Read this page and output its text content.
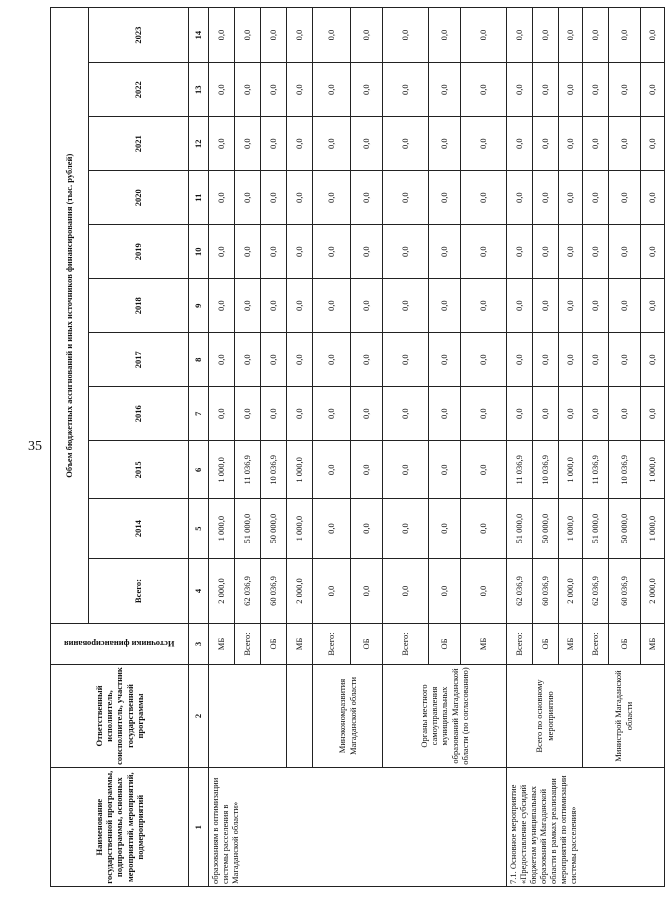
35
Наименование государственной программы, подпрограммы, основных мероприятий, мероприятий, подмероприятий	Ответственный исполнитель, соисполнитель, участник государственной программы	Источники финансирования	Объем бюджетных ассигнований и иных источников финансирования (тыс. рублей)										
			Всего:	2014	2015	2016	2017	2018	2019	2020	2021	2022	2023
1	2	3	4	5	6	7	8	9	10	11	12	13	14
образованиям в оптимизации системы расселения в Магаданской области»		МБ	2 000,0	1 000,0	1 000,0	0,0	0,0	0,0	0,0	0,0	0,0	0,0	0,0
		Всего:	62 036,9	51 000,0	11 036,9	0,0	0,0	0,0	0,0	0,0	0,0	0,0	0,0
		ОБ	60 036,9	50 000,0	10 036,9	0,0	0,0	0,0	0,0	0,0	0,0	0,0	0,0
		МБ	2 000,0	1 000,0	1 000,0	0,0	0,0	0,0	0,0	0,0	0,0	0,0	0,0
	Минэкономразвития Магаданской области	Всего:	0,0	0,0	0,0	0,0	0,0	0,0	0,0	0,0	0,0	0,0	0,0
		ОБ	0,0	0,0	0,0	0,0	0,0	0,0	0,0	0,0	0,0	0,0	0,0
	Органы местного самоуправления муниципальных образований Магаданской области (по согласованию)	Всего:	0,0	0,0	0,0	0,0	0,0	0,0	0,0	0,0	0,0	0,0	0,0
		ОБ	0,0	0,0	0,0	0,0	0,0	0,0	0,0	0,0	0,0	0,0	0,0
		МБ	0,0	0,0	0,0	0,0	0,0	0,0	0,0	0,0	0,0	0,0	0,0
7.1. Основное мероприятие «Предоставление субсидий бюджетам муниципальных образований Магаданской области в рамках реализации мероприятий по оптимизации системы расселения»	Всего по основному мероприятию	Всего:	62 036,9	51 000,0	11 036,9	0,0	0,0	0,0	0,0	0,0	0,0	0,0	0,0
		ОБ	60 036,9	50 000,0	10 036,9	0,0	0,0	0,0	0,0	0,0	0,0	0,0	0,0
		МБ	2 000,0	1 000,0	1 000,0	0,0	0,0	0,0	0,0	0,0	0,0	0,0	0,0
	Министрой Магаданской области	Всего:	62 036,9	51 000,0	11 036,9	0,0	0,0	0,0	0,0	0,0	0,0	0,0	0,0
		ОБ	60 036,9	50 000,0	10 036,9	0,0	0,0	0,0	0,0	0,0	0,0	0,0	0,0
		МБ	2 000,0	1 000,0	1 000,0	0,0	0,0	0,0	0,0	0,0	0,0	0,0	0,0
